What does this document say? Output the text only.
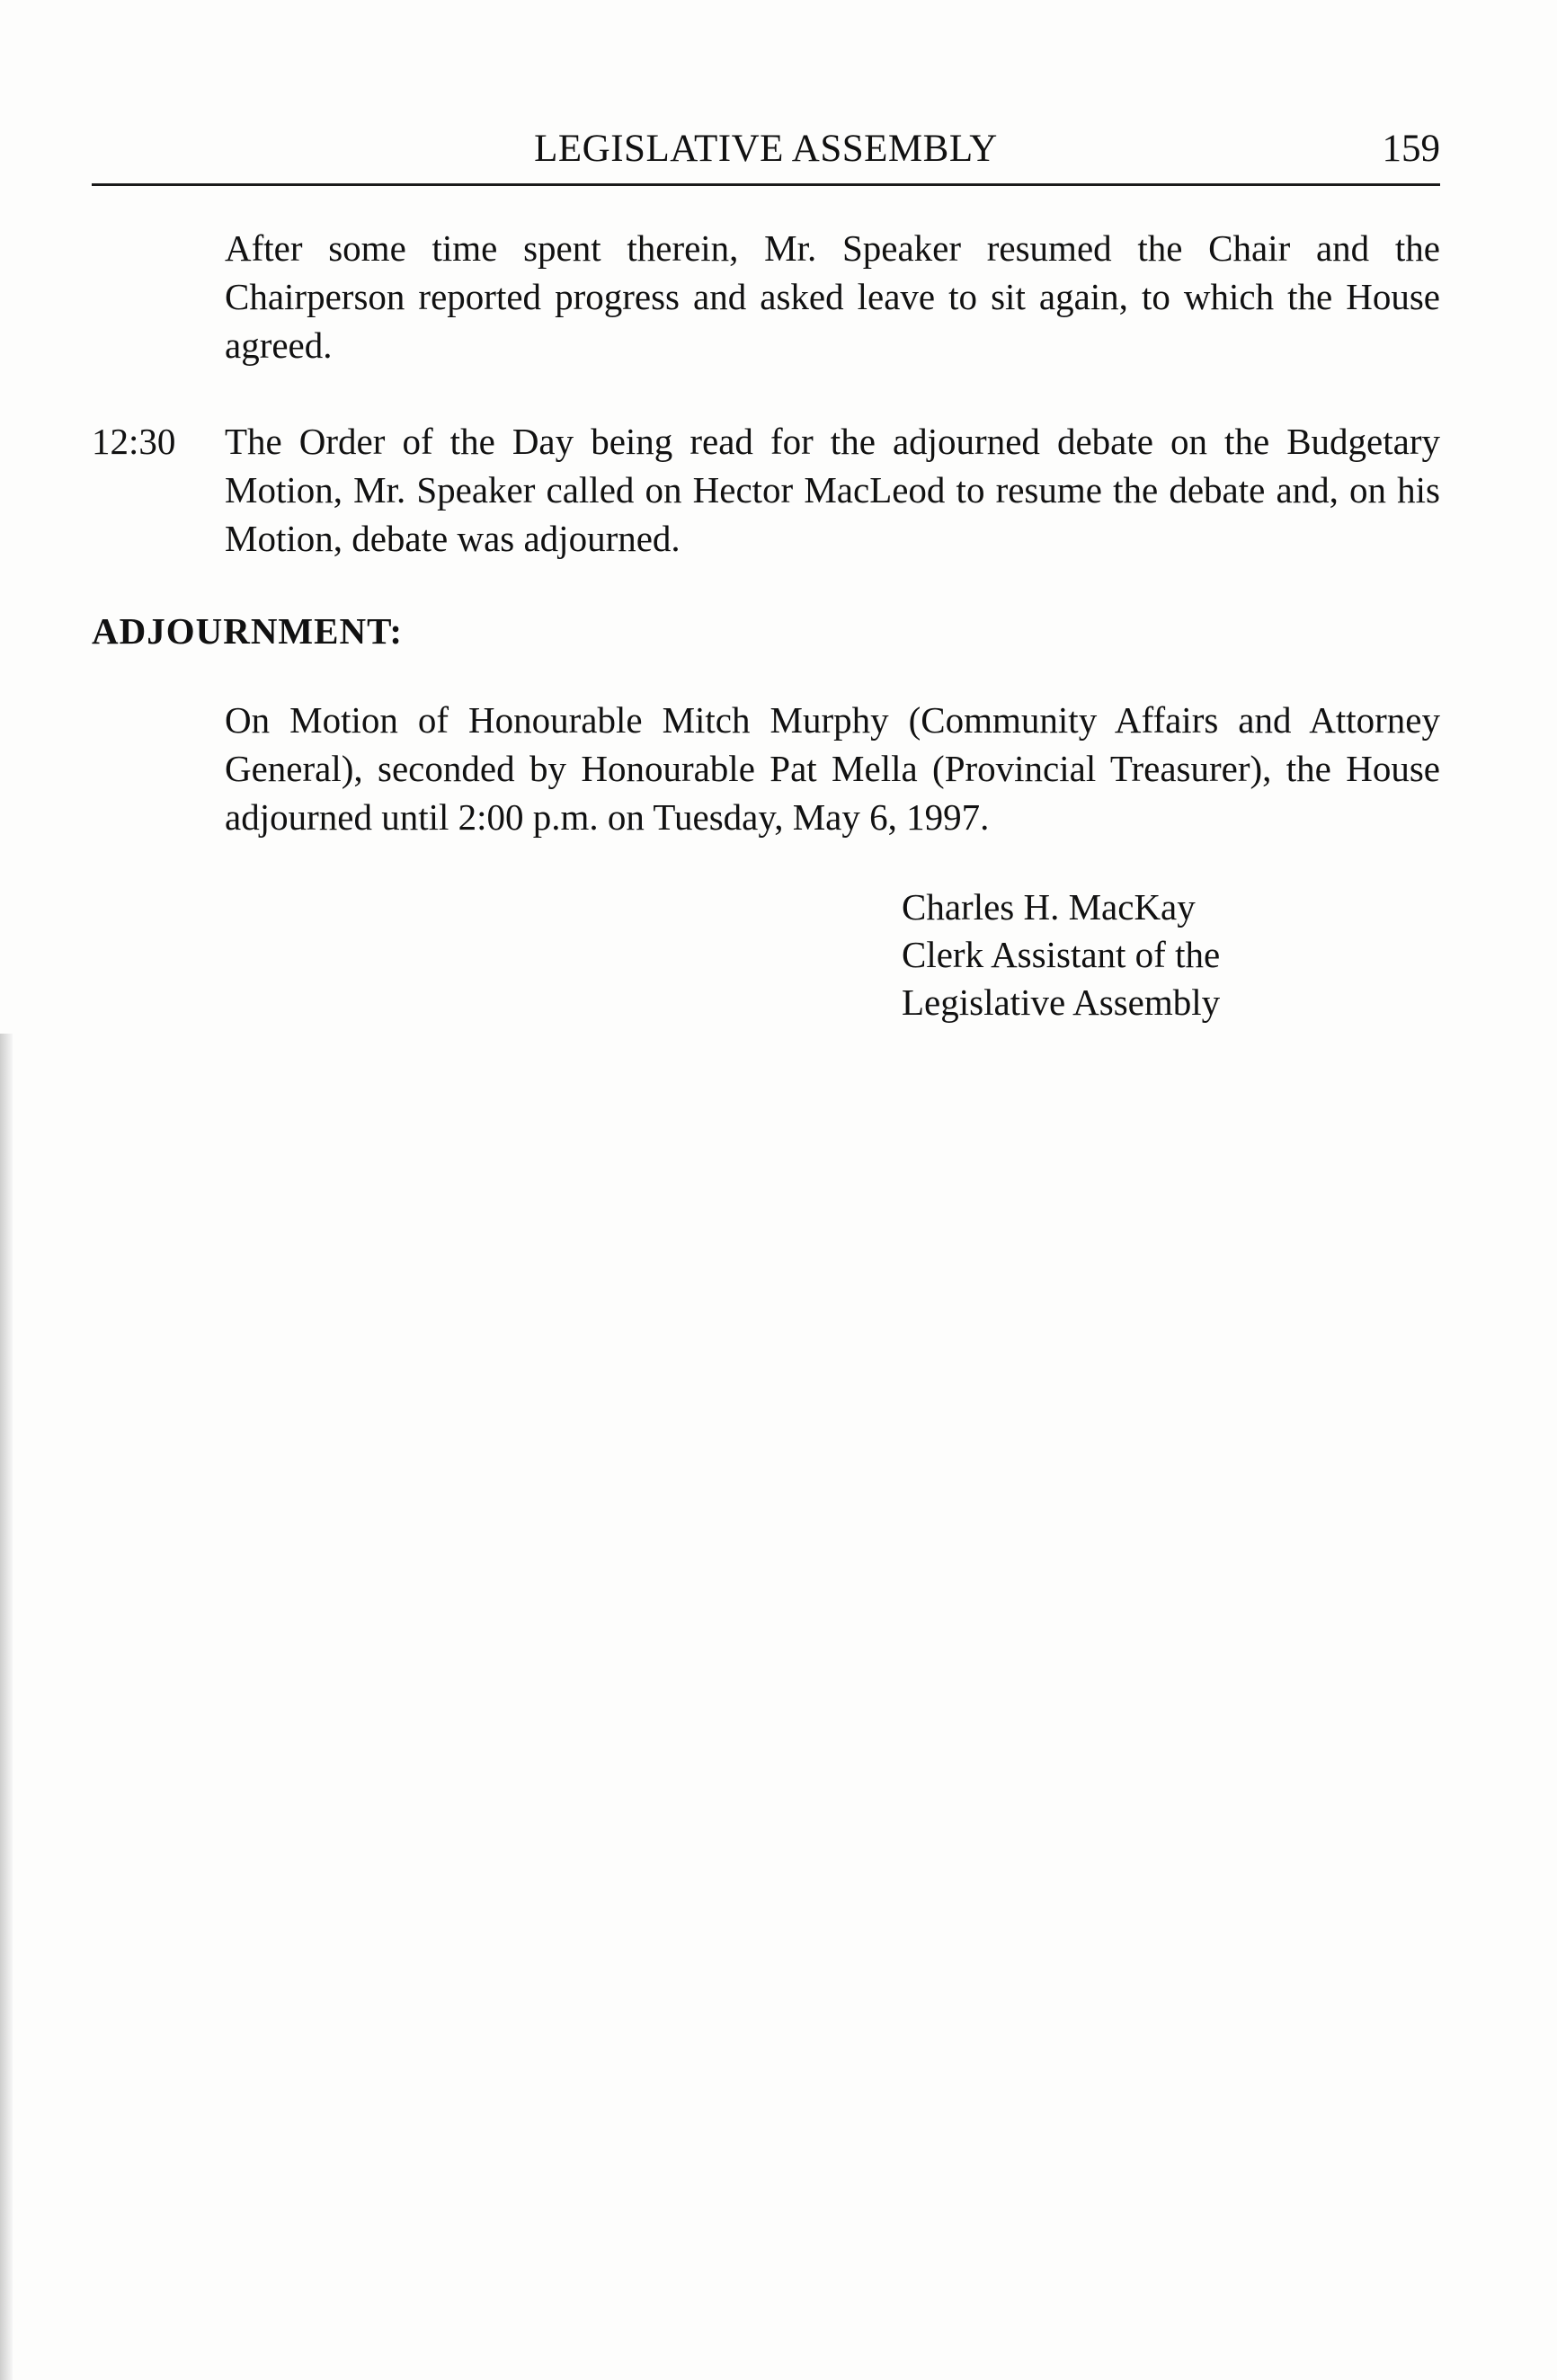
LEGISLATIVE ASSEMBLY	159
After some time spent therein, Mr. Speaker resumed the Chair and the Chairperson reported progress and asked leave to sit again, to which the House agreed.
12:30 The Order of the Day being read for the adjourned debate on the Budgetary Motion, Mr. Speaker called on Hector MacLeod to resume the debate and, on his Motion, debate was adjourned.
ADJOURNMENT:
On Motion of Honourable Mitch Murphy (Community Affairs and Attorney General), seconded by Honourable Pat Mella (Provincial Treasurer), the House adjourned until 2:00 p.m. on Tuesday, May 6, 1997.
Charles H. MacKay
Clerk Assistant of the
Legislative Assembly
